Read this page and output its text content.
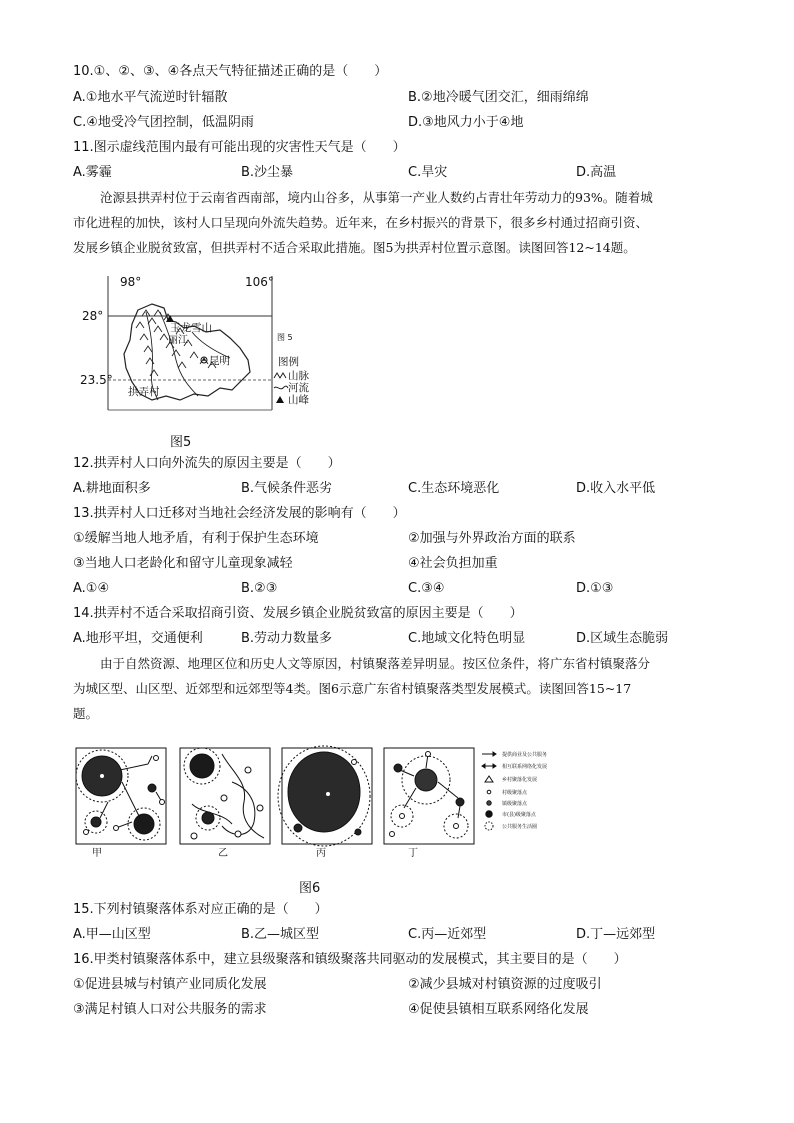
10.①、②、③、④各点天气特征描述正确的是（　　）
A.①地水平气流逆时针辐散	B.②地冷暖气团交汇，细雨绵绵
C.④地受冷气团控制，低温阴雨	D.③地风力小于④地
11.图示虚线范围内最有可能出现的灾害性天气是（　　）
A.雾霾	B.沙尘暴	C.旱灾	D.高温
沧源县拱弄村位于云南省西南部，境内山谷多，从事第一产业人数约占青壮年劳动力的93%。随着城
市化进程的加快，该村人口呈现向外流失趋势。近年来，在乡村振兴的背景下，很多乡村通过招商引资、
发展乡镇企业脱贫致富，但拱弄村不适合采取此措施。图5为拱弄村位置示意图。读图回答12~14题。
玉龙雪山
丽江
昆明
拱弄村
98°	106°
28°
23.5°
图 5
图例
山脉
河流
山峰
图5
12.拱弄村人口向外流失的原因主要是（　　）
A.耕地面积多	B.气候条件恶劣	C.生态环境恶化	D.收入水平低
13.拱弄村人口迁移对当地社会经济发展的影响有（　　）
①缓解当地人地矛盾，有利于保护生态环境	②加强与外界政治方面的联系
③当地人口老龄化和留守儿童现象减轻	④社会负担加重
A.①④	B.②③	C.③④	D.①③
14.拱弄村不适合采取招商引资、发展乡镇企业脱贫致富的原因主要是（　　）
A.地形平坦，交通便利	B.劳动力数量多	C.地域文化特色明显	D.区域生态脆弱
由于自然资源、地理区位和历史人文等原因，村镇聚落差异明显。按区位条件，将广东省村镇聚落分
为城区型、山区型、近郊型和远郊型等4类。图6示意广东省村镇聚落类型发展模式。读图回答15~17
题。
提供商业及公共服务
相互联系网络化发展
乡村聚落化发展
村级聚落点
镇级聚落点
市(县)级聚落点
公共服务生活圈
甲	乙	丙	丁
图6
15.下列村镇聚落体系对应正确的是（　　）
A.甲—山区型	B.乙—城区型	C.丙—近郊型	D.丁—远郊型
16.甲类村镇聚落体系中，建立县级聚落和镇级聚落共同驱动的发展模式，其主要目的是（　　）
①促进县城与村镇产业同质化发展	②减少县城对村镇资源的过度吸引
③满足村镇人口对公共服务的需求	④促使县镇相互联系网络化发展
